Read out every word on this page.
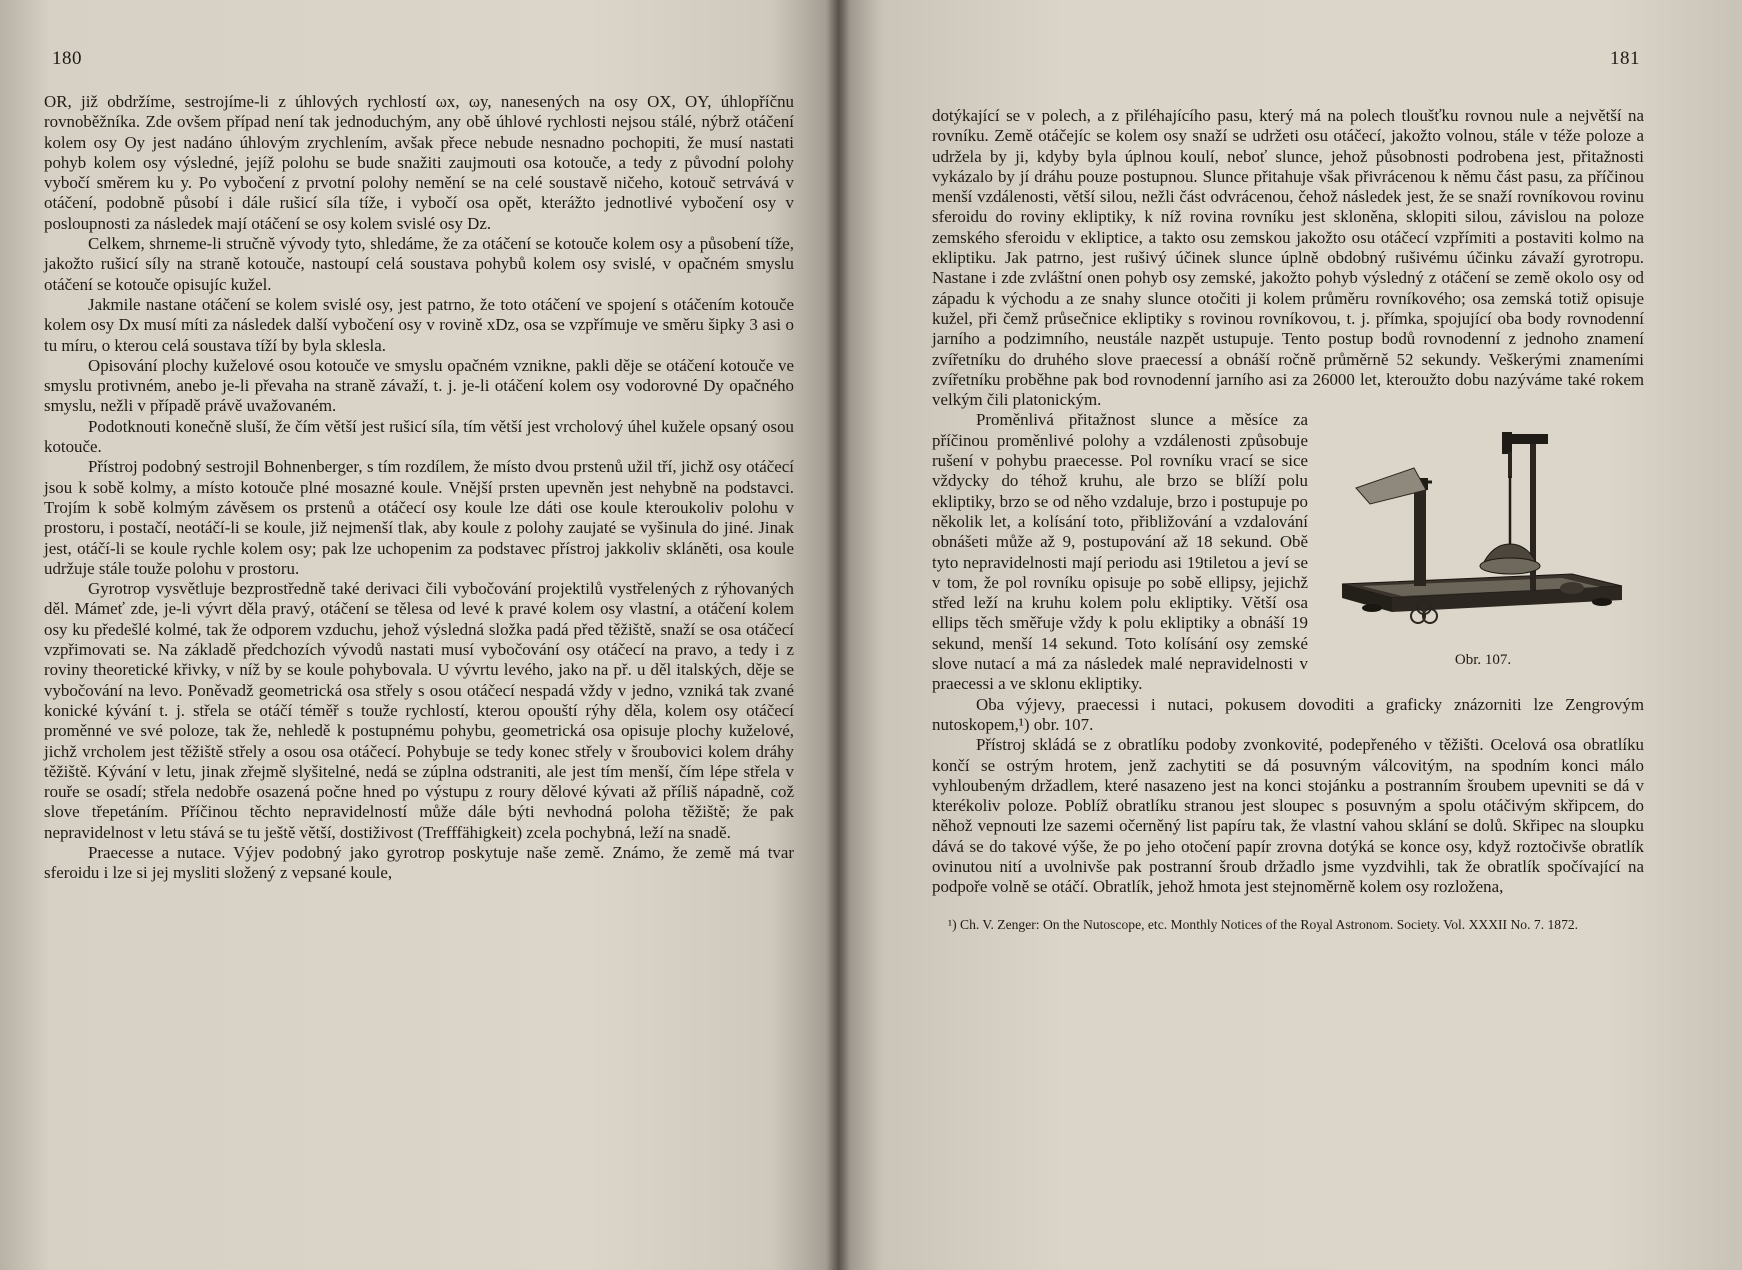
180

OR, již obdržíme, sestrojíme-li z úhlových rychlostí ωx, ωy, nanesených na osy OX, OY, úhlopříčnu rovnoběžníka. Zde ovšem případ není tak jednoduchým, any obě úhlové rychlosti nejsou stálé, nýbrž otáčení kolem osy Oy jest nadáno úhlovým zrychlením, avšak přece nebude nesnadno pochopiti, že musí nastati pohyb kolem osy výsledné, jejíž polohu se bude snažiti zaujmouti osa kotouče, a tedy z původní polohy vybočí směrem ku y. Po vybočení z prvotní polohy nemění se na celé soustavě ničeho, kotouč setrvává v otáčení, podobně působí i dále rušicí síla tíže, i vybočí osa opět, kterážto jednotlivé vybočení osy v posloupnosti za následek mají otáčení se osy kolem svislé osy Dz.

Celkem, shrneme-li stručně vývody tyto, shledáme, že za otáčení se kotouče kolem osy a působení tíže, jakožto rušicí síly na straně kotouče, nastoupí celá soustava pohybů kolem osy svislé, v opačném smyslu otáčení se kotouče opisujíc kužel.

Jakmile nastane otáčení se kolem svislé osy, jest patrno, že toto otáčení ve spojení s otáčením kotouče kolem osy Dx musí míti za následek další vybočení osy v rovině xDz, osa se vzpřímuje ve směru šipky 3 asi o tu míru, o kterou celá soustava tíží by byla sklesla.

Opisování plochy kuželové osou kotouče ve smyslu opačném vznikne, pakli děje se otáčení kotouče ve smyslu protivném, anebo je-li převaha na straně závaží, t. j. je-li otáčení kolem osy vodorovné Dy opačného smyslu, nežli v případě právě uvažovaném.

Podotknouti konečně sluší, že čím větší jest rušicí síla, tím větší jest vrcholový úhel kužele opsaný osou kotouče.

Přístroj podobný sestrojil Bohnenberger, s tím rozdílem, že místo dvou prstenů užil tří, jichž osy otáčecí jsou k sobě kolmy, a místo kotouče plné mosazné koule. Vnější prsten upevněn jest nehybně na podstavci. Trojím k sobě kolmým závěsem os prstenů a otáčecí osy koule lze dáti ose koule kteroukoliv polohu v prostoru, i postačí, neotáčí-li se koule, již nejmenší tlak, aby koule z polohy zaujaté se vyšinula do jiné. Jinak jest, otáčí-li se koule rychle kolem osy; pak lze uchopenim za podstavec přístroj jakkoliv skláněti, osa koule udržuje stále touže polohu v prostoru.

Gyrotrop vysvětluje bezprostředně také derivaci čili vybočování projektilů vystřelených z rýhovaných děl. Mámeť zde, je-li vývrt děla pravý, otáčení se tělesa od levé k pravé kolem osy vlastní, a otáčení kolem osy ku předešlé kolmé, tak že odporem vzduchu, jehož výsledná složka padá před těžiště, snaží se osa otáčecí vzpřimovati se. Na základě předchozích vývodů nastati musí vybočování osy otáčecí na pravo, a tedy i z roviny theoretické křivky, v níž by se koule pohybovala. U vývrtu levého, jako na př. u děl italských, děje se vybočování na levo. Poněvadž geometrická osa střely s osou otáčecí nespadá vždy v jedno, vzniká tak zvané konické kývání t. j. střela se otáčí téměř s touže rychlostí, kterou opouští rýhy děla, kolem osy otáčecí proměnné ve své poloze, tak že, nehledě k postupnému pohybu, geometrická osa opisuje plochy kuželové, jichž vrcholem jest těžiště střely a osou osa otáčecí. Pohybuje se tedy konec střely v šroubovici kolem dráhy těžiště. Kývání v letu, jinak zřejmě slyšitelné, nedá se zúplna odstraniti, ale jest tím menší, čím lépe střela v rouře se osadí; střela nedobře osazená počne hned po výstupu z roury dělové kývati až příliš nápadně, což slove třepetáním. Příčinou těchto nepravidelností může dále býti nevhodná poloha těžiště; že pak nepravidelnost v letu stává se tu ještě větší, dostiživost (Trefffähigkeit) zcela pochybná, leží na snadě.

Praecesse a nutace. Výjev podobný jako gyrotrop poskytuje naše země. Známo, že země má tvar sferoidu i lze si jej mysliti složený z vepsané koule,

181

dotýkající se v polech, a z přiléhajícího pasu, který má na polech tloušťku rovnou nule a největší na rovníku. Země otáčejíc se kolem osy snaží se udržeti osu otáčecí, jakožto volnou, stále v téže poloze a udržela by ji, kdyby byla úplnou koulí, neboť slunce, jehož působnosti podrobena jest, přitažnosti vykázalo by jí dráhu pouze postupnou. Slunce přitahuje však přivrácenou k němu část pasu, za příčinou menší vzdálenosti, větší silou, nežli část odvrácenou, čehož následek jest, že se snaží rovníkovou rovinu sferoidu do roviny ekliptiky, k níž rovina rovníku jest skloněna, sklopiti silou, závislou na poloze zemského sferoidu v ekliptice, a takto osu zemskou jakožto osu otáčecí vzpřímiti a postaviti kolmo na ekliptiku. Jak patrno, jest rušivý účinek slunce úplně obdobný rušivému účinku závaží gyrotropu. Nastane i zde zvláštní onen pohyb osy zemské, jakožto pohyb výsledný z otáčení se země okolo osy od západu k východu a ze snahy slunce otočiti ji kolem průměru rovníkového; osa zemská totiž opisuje kužel, při čemž průsečnice ekliptiky s rovinou rovníkovou, t. j. přímka, spojující oba body rovnodenní jarního a podzimního, neustále nazpět ustupuje. Tento postup bodů rovnodenní z jednoho znamení zvířetníku do druhého slove praecessí a obnáší ročně průměrně 52 sekundy. Veškerými znameními zvířetníku proběhne pak bod rovnodenní jarního asi za 26000 let, kteroužto dobu nazýváme také rokem velkým čili platonickým.

Obr. 107.

Proměnlivá přitažnost slunce a měsíce za příčinou proměnlivé polohy a vzdálenosti způsobuje rušení v pohybu praecesse. Pol rovníku vrací se sice vždycky do téhož kruhu, ale brzo se blíží polu ekliptiky, brzo se od něho vzdaluje, brzo i postupuje po několik let, a kolísání toto, přibližování a vzdalování obnášeti může až 9, postupování až 18 sekund. Obě tyto nepravidelnosti mají periodu asi 19tiletou a jeví se v tom, že pol rovníku opisuje po sobě ellipsy, jejichž střed leží na kruhu kolem polu ekliptiky. Větší osa ellips těch směřuje vždy k polu ekliptiky a obnáší 19 sekund, menší 14 sekund. Toto kolísání osy zemské slove nutací a má za následek malé nepravidelnosti v praecessi a ve sklonu ekliptiky.

Oba výjevy, praecessi i nutaci, pokusem dovoditi a graficky znázorniti lze Zengrovým nutoskopem,¹) obr. 107.

Přístroj skládá se z obratlíku podoby zvonkovité, podepřeného v těžišti. Ocelová osa obratlíku končí se ostrým hrotem, jenž zachytiti se dá posuvným válcovitým, na spodním konci málo vyhloubeným držadlem, které nasazeno jest na konci stojánku a postranním šroubem upevniti se dá v kterékoliv poloze. Poblíž obratlíku stranou jest sloupec s posuvným a spolu otáčivým skřipcem, do něhož vepnouti lze sazemi očerněný list papíru tak, že vlastní vahou sklání se dolů. Skřipec na sloupku dává se do takové výše, že po jeho otočení papír zrovna dotýká se konce osy, když roztočivše obratlík ovinutou nití a uvolnivše pak postranní šroub držadlo jsme vyzdvihli, tak že obratlík spočívající na podpoře volně se otáčí. Obratlík, jehož hmota jest stejnoměrně kolem osy rozložena,

¹) Ch. V. Zenger: On the Nutoscope, etc. Monthly Notices of the Royal Astronom. Society. Vol. XXXII No. 7. 1872.
